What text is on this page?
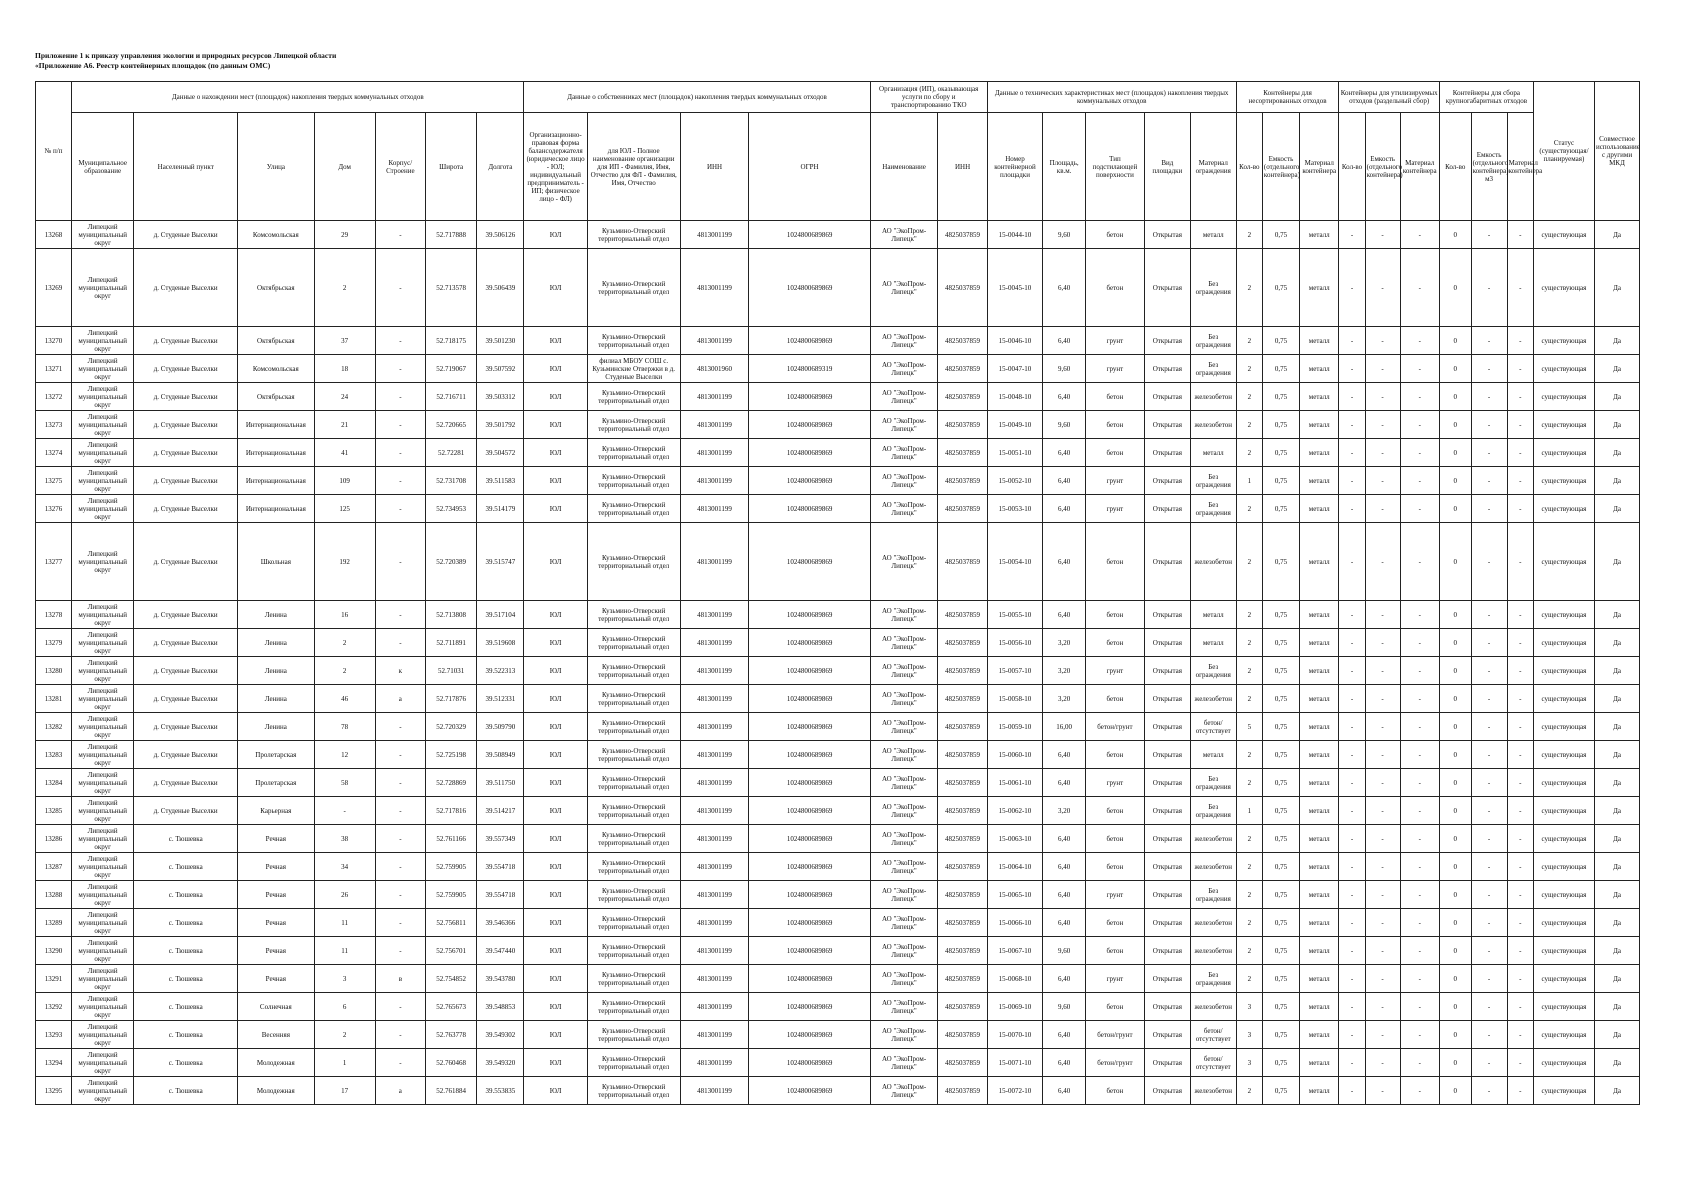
Приложение 1 к приказу управления экологии и природных ресурсов Липецкой области
«Приложение А6. Реестр контейнерных площадок (по данным ОМС)
№ п/п	Данные о нахождении мест (площадок) накопления твердых коммунальных отходов							Данные о собственниках мест (площадок) накопления твердых коммунальных отходов				Организация (ИП), оказывающая услуги по сбору и транспортированию ТКО		Данные о технических характеристиках мест (площадок) накопления твердых коммунальных отходов					Контейнеры для несортированных отходов			Контейнеры для утилизируемых отходов (раздельный сбор)			Контейнеры для сбора крупногабаритных отходов			Статус (существующая/планируемая)	Совместное использование с другими МКД
	Муниципальное образование	Населенный пункт	Улица	Дом	Корпус/Строение	Широта	Долгота	Организационно-правовая форма балансодержателя (юридическое лицо - ЮЛ; индивидуальный предприниматель - ИП; физическое лицо - ФЛ)	для ЮЛ - Полное наименование организации для ИП - Фамилия, Имя, Отчество для ФЛ - Фамилия, Имя, Отчество	ИНН	ОГРН	Наименование	ИНН	Номер контейнерной площадки	Площадь, кв.м.	Тип подстилающей поверхности	Вид площадки	Материал ограждения	Кол-во	Емкость (отдельного контейнера)	Материал контейнера	Кол-во	Емкость (отдельного контейнера)	Материал контейнера	Кол-во	Емкость (отдельного контейнера) м3	Материал контейнера		
13268	Липецкий муниципальный округ	д. Студеные Выселки	Комсомольская	29	-	52.717888	39.506126	ЮЛ	Кузьмино-Отверский территориальный отдел	4813001199	1024800689869	АО "ЭкоПром-Липецк"	4825037859	15-0044-10	9,60	бетон	Открытая	металл	2	0,75	металл	-	-	-	0	-	-	существующая	Да
13269	Липецкий муниципальный округ	д. Студеные Выселки	Октябрьская	2	-	52.713578	39.506439	ЮЛ	Кузьмино-Отверский территориальный отдел	4813001199	1024800689869	АО "ЭкоПром-Липецк"	4825037859	15-0045-10	6,40	бетон	Открытая	Без ограждения	2	0,75	металл	-	-	-	0	-	-	существующая	Да
13270	Липецкий муниципальный округ	д. Студеные Выселки	Октябрьская	37	-	52.718175	39.501230	ЮЛ	Кузьмино-Отверский территориальный отдел	4813001199	1024800689869	АО "ЭкоПром-Липецк"	4825037859	15-0046-10	6,40	грунт	Открытая	Без ограждения	2	0,75	металл	-	-	-	0	-	-	существующая	Да
13271	Липецкий муниципальный округ	д. Студеные Выселки	Комсомольская	18	-	52.719067	39.507592	ЮЛ	филиал МБОУ СОШ с. Кузьминские Отвержки в д. Студеные Выселки	4813001960	1024800689319	АО "ЭкоПром-Липецк"	4825037859	15-0047-10	9,60	грунт	Открытая	Без ограждения	2	0,75	металл	-	-	-	0	-	-	существующая	Да
13272	Липецкий муниципальный округ	д. Студеные Выселки	Октябрьская	24	-	52.716711	39.503312	ЮЛ	Кузьмино-Отверский территориальный отдел	4813001199	1024800689869	АО "ЭкоПром-Липецк"	4825037859	15-0048-10	6,40	бетон	Открытая	железобетон	2	0,75	металл	-	-	-	0	-	-	существующая	Да
13273	Липецкий муниципальный округ	д. Студеные Выселки	Интернациональная	21	-	52.720665	39.501792	ЮЛ	Кузьмино-Отверский территориальный отдел	4813001199	1024800689869	АО "ЭкоПром-Липецк"	4825037859	15-0049-10	9,60	бетон	Открытая	железобетон	2	0,75	металл	-	-	-	0	-	-	существующая	Да
13274	Липецкий муниципальный округ	д. Студеные Выселки	Интернациональная	41	-	52.72281	39.504572	ЮЛ	Кузьмино-Отверский территориальный отдел	4813001199	1024800689869	АО "ЭкоПром-Липецк"	4825037859	15-0051-10	6,40	бетон	Открытая	металл	2	0,75	металл	-	-	-	0	-	-	существующая	Да
13275	Липецкий муниципальный округ	д. Студеные Выселки	Интернациональная	109	-	52.731708	39.511583	ЮЛ	Кузьмино-Отверский территориальный отдел	4813001199	1024800689869	АО "ЭкоПром-Липецк"	4825037859	15-0052-10	6,40	грунт	Открытая	Без ограждения	1	0,75	металл	-	-	-	0	-	-	существующая	Да
13276	Липецкий муниципальный округ	д. Студеные Выселки	Интернациональная	125	-	52.734953	39.514179	ЮЛ	Кузьмино-Отверский территориальный отдел	4813001199	1024800689869	АО "ЭкоПром-Липецк"	4825037859	15-0053-10	6,40	грунт	Открытая	Без ограждения	2	0,75	металл	-	-	-	0	-	-	существующая	Да
13277	Липецкий муниципальный округ	д. Студеные Выселки	Школьная	192	-	52.720389	39.515747	ЮЛ	Кузьмино-Отверский территориальный отдел	4813001199	1024800689869	АО "ЭкоПром-Липецк"	4825037859	15-0054-10	6,40	бетон	Открытая	железобетон	2	0,75	металл	-	-	-	0	-	-	существующая	Да
13278	Липецкий муниципальный округ	д. Студеные Выселки	Ленина	16	-	52.713808	39.517104	ЮЛ	Кузьмино-Отверский территориальный отдел	4813001199	1024800689869	АО "ЭкоПром-Липецк"	4825037859	15-0055-10	6,40	бетон	Открытая	металл	2	0,75	металл	-	-	-	0	-	-	существующая	Да
13279	Липецкий муниципальный округ	д. Студеные Выселки	Ленина	2	-	52.711891	39.519608	ЮЛ	Кузьмино-Отверский территориальный отдел	4813001199	1024800689869	АО "ЭкоПром-Липецк"	4825037859	15-0056-10	3,20	бетон	Открытая	металл	2	0,75	металл	-	-	-	0	-	-	существующая	Да
13280	Липецкий муниципальный округ	д. Студеные Выселки	Ленина	2	к	52.71031	39.522313	ЮЛ	Кузьмино-Отверский территориальный отдел	4813001199	1024800689869	АО "ЭкоПром-Липецк"	4825037859	15-0057-10	3,20	грунт	Открытая	Без ограждения	2	0,75	металл	-	-	-	0	-	-	существующая	Да
13281	Липецкий муниципальный округ	д. Студеные Выселки	Ленина	46	а	52.717876	39.512331	ЮЛ	Кузьмино-Отверский территориальный отдел	4813001199	1024800689869	АО "ЭкоПром-Липецк"	4825037859	15-0058-10	3,20	бетон	Открытая	железобетон	2	0,75	металл	-	-	-	0	-	-	существующая	Да
13282	Липецкий муниципальный округ	д. Студеные Выселки	Ленина	78	-	52.720329	39.509790	ЮЛ	Кузьмино-Отверский территориальный отдел	4813001199	1024800689869	АО "ЭкоПром-Липецк"	4825037859	15-0059-10	16,00	бетон/грунт	Открытая	бетон/отсутствует	5	0,75	металл	-	-	-	0	-	-	существующая	Да
13283	Липецкий муниципальный округ	д. Студеные Выселки	Пролетарская	12	-	52.725198	39.508949	ЮЛ	Кузьмино-Отверский территориальный отдел	4813001199	1024800689869	АО "ЭкоПром-Липецк"	4825037859	15-0060-10	6,40	бетон	Открытая	металл	2	0,75	металл	-	-	-	0	-	-	существующая	Да
13284	Липецкий муниципальный округ	д. Студеные Выселки	Пролетарская	58	-	52.728869	39.511750	ЮЛ	Кузьмино-Отверский территориальный отдел	4813001199	1024800689869	АО "ЭкоПром-Липецк"	4825037859	15-0061-10	6,40	грунт	Открытая	Без ограждения	2	0,75	металл	-	-	-	0	-	-	существующая	Да
13285	Липецкий муниципальный округ	д. Студеные Выселки	Карьерная	-	-	52.717816	39.514217	ЮЛ	Кузьмино-Отверский территориальный отдел	4813001199	1024800689869	АО "ЭкоПром-Липецк"	4825037859	15-0062-10	3,20	бетон	Открытая	Без ограждения	1	0,75	металл	-	-	-	0	-	-	существующая	Да
13286	Липецкий муниципальный округ	с. Тюшевка	Речная	38	-	52.761166	39.557349	ЮЛ	Кузьмино-Отверский территориальный отдел	4813001199	1024800689869	АО "ЭкоПром-Липецк"	4825037859	15-0063-10	6,40	бетон	Открытая	железобетон	2	0,75	металл	-	-	-	0	-	-	существующая	Да
13287	Липецкий муниципальный округ	с. Тюшевка	Речная	34	-	52.759905	39.554718	ЮЛ	Кузьмино-Отверский территориальный отдел	4813001199	1024800689869	АО "ЭкоПром-Липецк"	4825037859	15-0064-10	6,40	бетон	Открытая	железобетон	2	0,75	металл	-	-	-	0	-	-	существующая	Да
13288	Липецкий муниципальный округ	с. Тюшевка	Речная	26	-	52.759905	39.554718	ЮЛ	Кузьмино-Отверский территориальный отдел	4813001199	1024800689869	АО "ЭкоПром-Липецк"	4825037859	15-0065-10	6,40	грунт	Открытая	Без ограждения	2	0,75	металл	-	-	-	0	-	-	существующая	Да
13289	Липецкий муниципальный округ	с. Тюшевка	Речная	11	-	52.756811	39.546366	ЮЛ	Кузьмино-Отверский территориальный отдел	4813001199	1024800689869	АО "ЭкоПром-Липецк"	4825037859	15-0066-10	6,40	бетон	Открытая	железобетон	2	0,75	металл	-	-	-	0	-	-	существующая	Да
13290	Липецкий муниципальный округ	с. Тюшевка	Речная	11	-	52.756701	39.547440	ЮЛ	Кузьмино-Отверский территориальный отдел	4813001199	1024800689869	АО "ЭкоПром-Липецк"	4825037859	15-0067-10	9,60	бетон	Открытая	железобетон	2	0,75	металл	-	-	-	0	-	-	существующая	Да
13291	Липецкий муниципальный округ	с. Тюшевка	Речная	3	в	52.754852	39.543780	ЮЛ	Кузьмино-Отверский территориальный отдел	4813001199	1024800689869	АО "ЭкоПром-Липецк"	4825037859	15-0068-10	6,40	грунт	Открытая	Без ограждения	2	0,75	металл	-	-	-	0	-	-	существующая	Да
13292	Липецкий муниципальный округ	с. Тюшевка	Солнечная	6	-	52.765673	39.548853	ЮЛ	Кузьмино-Отверский территориальный отдел	4813001199	1024800689869	АО "ЭкоПром-Липецк"	4825037859	15-0069-10	9,60	бетон	Открытая	железобетон	3	0,75	металл	-	-	-	0	-	-	существующая	Да
13293	Липецкий муниципальный округ	с. Тюшевка	Весенняя	2	-	52.763778	39.549302	ЮЛ	Кузьмино-Отверский территориальный отдел	4813001199	1024800689869	АО "ЭкоПром-Липецк"	4825037859	15-0070-10	6,40	бетон/грунт	Открытая	бетон/отсутствует	3	0,75	металл	-	-	-	0	-	-	существующая	Да
13294	Липецкий муниципальный округ	с. Тюшевка	Молодежная	1	-	52.760468	39.549320	ЮЛ	Кузьмино-Отверский территориальный отдел	4813001199	1024800689869	АО "ЭкоПром-Липецк"	4825037859	15-0071-10	6,40	бетон/грунт	Открытая	бетон/отсутствует	3	0,75	металл	-	-	-	0	-	-	существующая	Да
13295	Липецкий муниципальный округ	с. Тюшевка	Молодежная	17	а	52.761884	39.553835	ЮЛ	Кузьмино-Отверский территориальный отдел	4813001199	1024800689869	АО "ЭкоПром-Липецк"	4825037859	15-0072-10	6,40	бетон	Открытая	железобетон	2	0,75	металл	-	-	-	0	-	-	существующая	Да
